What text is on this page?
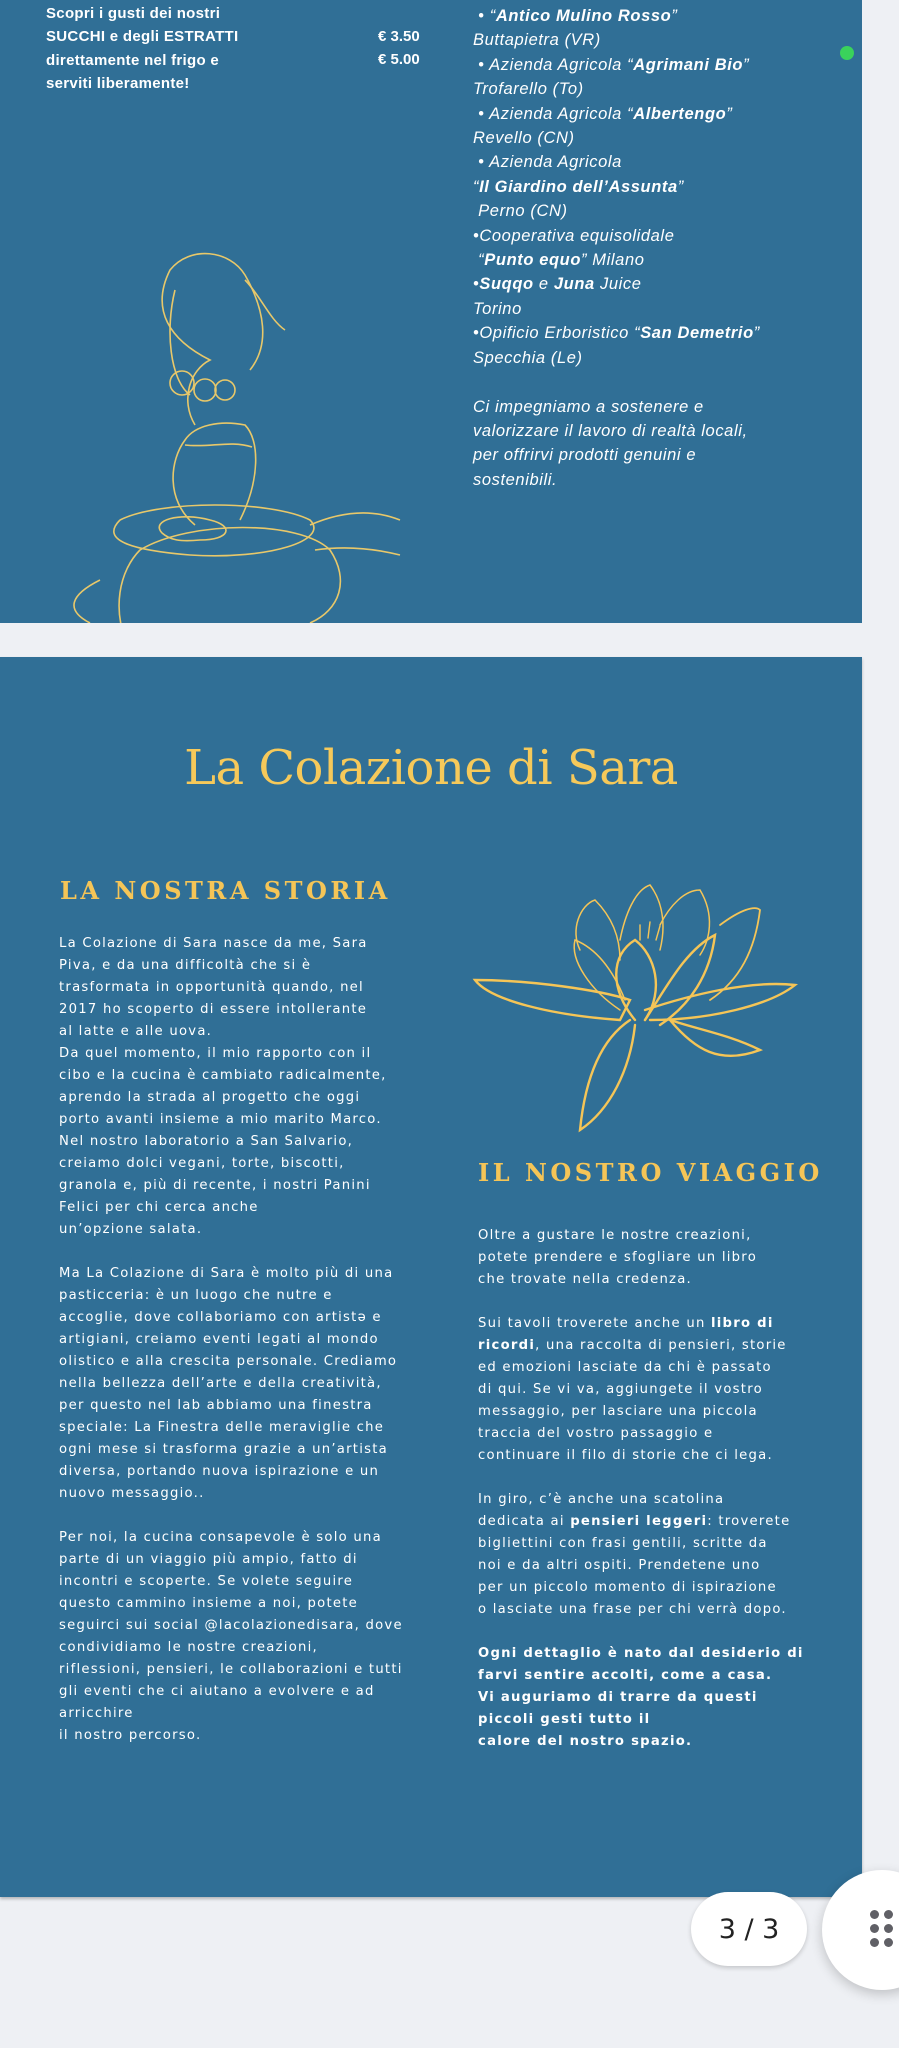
Scopri i gusti dei nostri
SUCCHI e degli ESTRATTI
direttamente nel frigo e
serviti liberamente!
€ 3.50
€ 5.00
• “Antico Mulino Rosso”
Buttapietra (VR)
• Azienda Agricola “Agrimani Bio”
Trofarello (To)
• Azienda Agricola “Albertengo”
Revello (CN)
• Azienda Agricola
“Il Giardino dell’Assunta”
Perno (CN)
•Cooperativa equisolidale
“Punto equo” Milano
•Suqqo e Juna Juice
Torino
•Opificio Erboristico “San Demetrio”
Specchia (Le)

Ci impegniamo a sostenere e
valorizzare il lavoro di realtà locali,
per offrirvi prodotti genuini e
sostenibili.
La Colazione di Sara
LA NOSTRA STORIA
La Colazione di Sara nasce da me, Sara
Piva, e da una difficoltà che si è
trasformata in opportunità quando, nel
2017 ho scoperto di essere intollerante
al latte e alle uova.
Da quel momento, il mio rapporto con il
cibo e la cucina è cambiato radicalmente,
aprendo la strada al progetto che oggi
porto avanti insieme a mio marito Marco.
Nel nostro laboratorio a San Salvario,
creiamo dolci vegani, torte, biscotti,
granola e, più di recente, i nostri Panini
Felici per chi cerca anche
un’opzione salata.

Ma La Colazione di Sara è molto più di una
pasticceria: è un luogo che nutre e
accoglie, dove collaboriamo con artistə e
artigiani, creiamo eventi legati al mondo
olistico e alla crescita personale. Crediamo
nella bellezza dell’arte e della creatività,
per questo nel lab abbiamo una finestra
speciale: La Finestra delle meraviglie che
ogni mese si trasforma grazie a un’artista
diversa, portando nuova ispirazione e un
nuovo messaggio..

Per noi, la cucina consapevole è solo una
parte di un viaggio più ampio, fatto di
incontri e scoperte. Se volete seguire
questo cammino insieme a noi, potete
seguirci sui social @lacolazionedisara, dove
condividiamo le nostre creazioni,
riflessioni, pensieri, le collaborazioni e tutti
gli eventi che ci aiutano a evolvere e ad
arricchire
il nostro percorso.
IL NOSTRO VIAGGIO
Oltre a gustare le nostre creazioni,
potete prendere e sfogliare un libro
che trovate nella credenza.

Sui tavoli troverete anche un libro di
ricordi, una raccolta di pensieri, storie
ed emozioni lasciate da chi è passato
di qui. Se vi va, aggiungete il vostro
messaggio, per lasciare una piccola
traccia del vostro passaggio e
continuare il filo di storie che ci lega.

In giro, c’è anche una scatolina
dedicata ai pensieri leggeri: troverete
bigliettini con frasi gentili, scritte da
noi e da altri ospiti. Prendetene uno
per un piccolo momento di ispirazione
o lasciate una frase per chi verrà dopo.

Ogni dettaglio è nato dal desiderio di
farvi sentire accolti, come a casa.
Vi auguriamo di trarre da questi
piccoli gesti tutto il
calore del nostro spazio.
3 / 3
